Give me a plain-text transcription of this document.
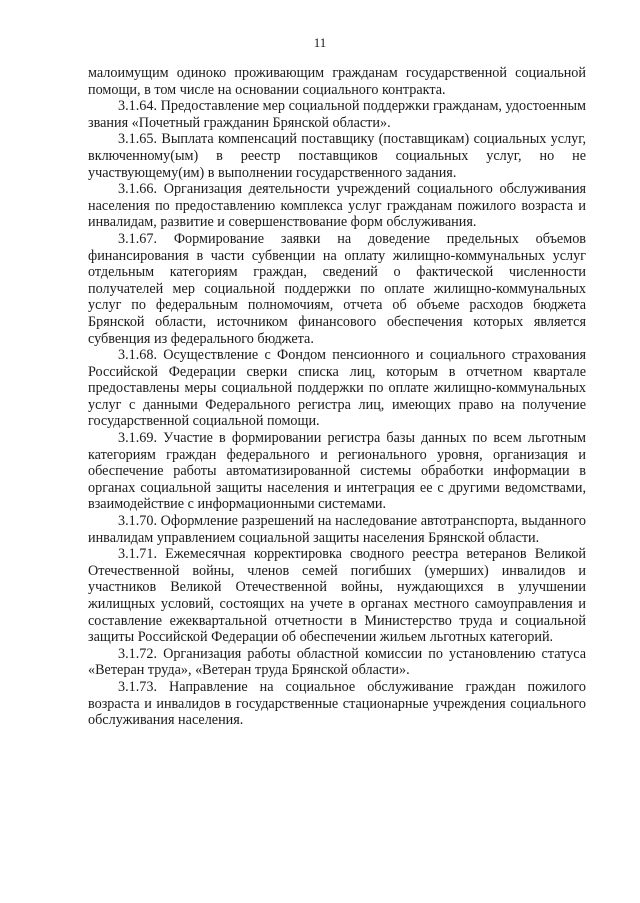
11

малоимущим одиноко проживающим гражданам государственной социальной помощи, в том числе на основании социального контракта.

3.1.64. Предоставление мер социальной поддержки гражданам, удостоенным звания «Почетный гражданин Брянской области».

3.1.65. Выплата компенсаций поставщику (поставщикам) социальных услуг, включенному(ым) в реестр поставщиков социальных услуг, но не участвующему(им) в выполнении государственного задания.

3.1.66. Организация деятельности учреждений социального обслуживания населения по предоставлению комплекса услуг гражданам пожилого возраста и инвалидам, развитие и совершенствование форм обслуживания.

3.1.67. Формирование заявки на доведение предельных объемов финансирования в части субвенции на оплату жилищно-коммунальных услуг отдельным категориям граждан, сведений о фактической численности получателей мер социальной поддержки по оплате жилищно-коммунальных услуг по федеральным полномочиям, отчета об объеме расходов бюджета Брянской области, источником финансового обеспечения которых является субвенция из федерального бюджета.

3.1.68. Осуществление с Фондом пенсионного и социального страхования Российской Федерации сверки списка лиц, которым в отчетном квартале предоставлены меры социальной поддержки по оплате жилищно-коммунальных услуг с данными Федерального регистра лиц, имеющих право на получение государственной социальной помощи.

3.1.69. Участие в формировании регистра базы данных по всем льготным категориям граждан федерального и регионального уровня, организация и обеспечение работы автоматизированной системы обработки информации в органах социальной защиты населения и интеграция ее с другими ведомствами, взаимодействие с информационными системами.

3.1.70. Оформление разрешений на наследование автотранспорта, выданного инвалидам управлением социальной защиты населения Брянской области.

3.1.71. Ежемесячная корректировка сводного реестра ветеранов Великой Отечественной войны, членов семей погибших (умерших) инвалидов и участников Великой Отечественной войны, нуждающихся в улучшении жилищных условий, состоящих на учете в органах местного самоуправления и составление ежеквартальной отчетности в Министерство труда и социальной защиты Российской Федерации об обеспечении жильем льготных категорий.

3.1.72. Организация работы областной комиссии по установлению статуса «Ветеран труда», «Ветеран труда Брянской области».

3.1.73. Направление на социальное обслуживание граждан пожилого возраста и инвалидов в государственные стационарные учреждения социального обслуживания населения.
